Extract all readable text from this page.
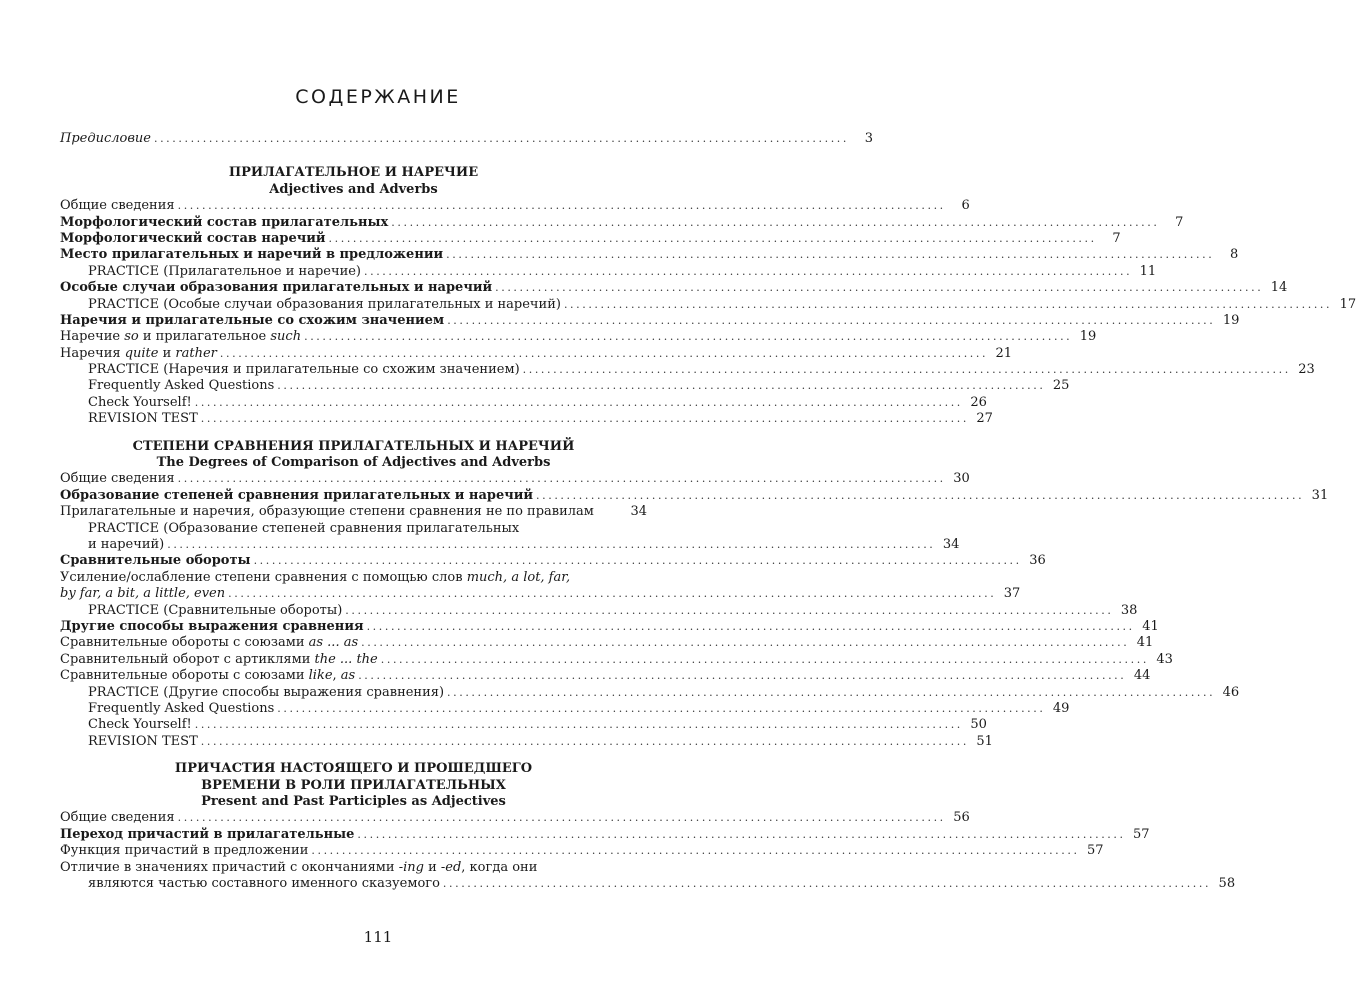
СОДЕРЖАНИЕ
Предисловие ..................................................................................................................	3
ПРИЛАГАТЕЛЬНОЕ И НАРЕЧИЕ
Adjectives and Adverbs
Общие сведения ..............................................................................................................................	6
Морфологический состав прилагательных ..............................................................................................................................	7
Морфологический состав наречий ..............................................................................................................................	7
Место прилагательных и наречий в предложении ..............................................................................................................................	8
PRACTICE (Прилагательное и наречие) .............................................................................................................................. 11
Особые случаи образования прилагательных и наречий .............................................................................................................................. 14
PRACTICE (Особые случаи образования прилагательных и наречий) .............................................................................................................................. 17
Наречия и прилагательные со схожим значением .............................................................................................................................. 19
Наречие so и прилагательное such .............................................................................................................................. 19
Наречия quite и rather .............................................................................................................................. 21
PRACTICE (Наречия и прилагательные со схожим значением) .............................................................................................................................. 23
Frequently Asked Questions .............................................................................................................................. 25
Check Yourself! .............................................................................................................................. 26
REVISION TEST .............................................................................................................................. 27
СТЕПЕНИ СРАВНЕНИЯ ПРИЛАГАТЕЛЬНЫХ И НАРЕЧИЙ
The Degrees of Comparison of Adjectives and Adverbs
Общие сведения .............................................................................................................................. 30
Образование степеней сравнения прилагательных и наречий .............................................................................................................................. 31
Прилагательные и наречия, образующие степени сравнения не по правилам	34
PRACTICE (Образование степеней сравнения прилагательных
и наречий) .............................................................................................................................. 34
Сравнительные обороты .............................................................................................................................. 36
Усиление/ослабление степени сравнения с помощью слов much, a lot, far,
by far, a bit, a little, even .............................................................................................................................. 37
PRACTICE (Сравнительные обороты) .............................................................................................................................. 38
Другие способы выражения сравнения .............................................................................................................................. 41
Сравнительные обороты с союзами as ... as .............................................................................................................................. 41
Сравнительный оборот с артиклями the ... the .............................................................................................................................. 43
Сравнительные обороты с союзами like, as .............................................................................................................................. 44
PRACTICE (Другие способы выражения сравнения) .............................................................................................................................. 46
Frequently Asked Questions .............................................................................................................................. 49
Check Yourself! .............................................................................................................................. 50
REVISION TEST .............................................................................................................................. 51
ПРИЧАСТИЯ НАСТОЯЩЕГО И ПРОШЕДШЕГО
ВРЕМЕНИ В РОЛИ ПРИЛАГАТЕЛЬНЫХ
Present and Past Participles as Adjectives
Общие сведения .............................................................................................................................. 56
Переход причастий в прилагательные .............................................................................................................................. 57
Функция причастий в предложении .............................................................................................................................. 57
Отличие в значениях причастий с окончаниями -ing и -ed, когда они
являются частью составного именного сказуемого .............................................................................................................................. 58
111
